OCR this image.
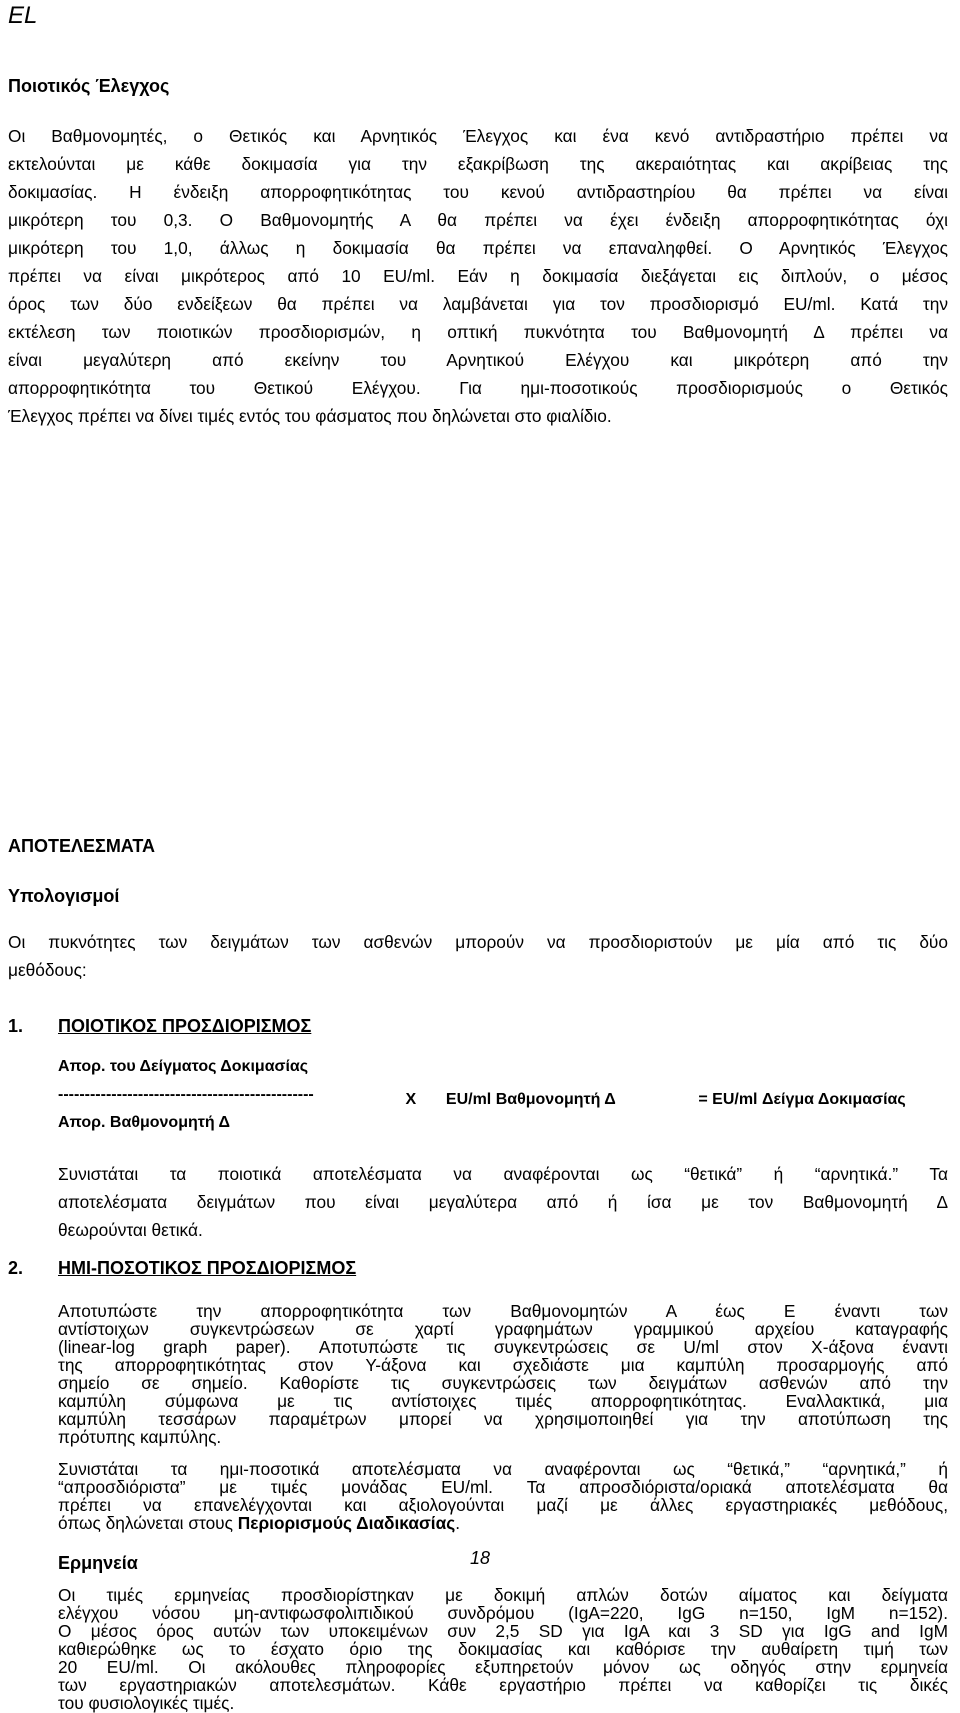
EL
Ποιοτικός Έλεγχος
Οι Βαθμονομητές, ο Θετικός και Αρνητικός Έλεγχος και ένα κενό αντιδραστήριο πρέπει να
εκτελούνται με κάθε δοκιμασία για την εξακρίβωση της ακεραιότητας και ακρίβειας της
δοκιμασίας. Η ένδειξη απορροφητικότητας του κενού αντιδραστηρίου θα πρέπει να είναι
μικρότερη του 0,3. Ο Βαθμονομητής Α θα πρέπει να έχει ένδειξη απορροφητικότητας όχι
μικρότερη του 1,0, άλλως η δοκιμασία θα πρέπει να επαναληφθεί. Ο Αρνητικός Έλεγχος
πρέπει να είναι μικρότερος από 10 EU/ml. Εάν η δοκιμασία διεξάγεται εις διπλούν, ο μέσος
όρος των δύο ενδείξεων θα πρέπει να λαμβάνεται για τον προσδιορισμό EU/ml. Κατά την
εκτέλεση των ποιοτικών προσδιορισμών, η οπτική πυκνότητα του Βαθμονομητή Δ πρέπει να
είναι μεγαλύτερη από εκείνην του Αρνητικού Ελέγχου και μικρότερη από την
απορροφητικότητα του Θετικού Ελέγχου. Για ημι-ποσοτικούς προσδιορισμούς ο Θετικός
Έλεγχος πρέπει να δίνει τιμές εντός του φάσματος που δηλώνεται στο φιαλίδιο.
ΑΠΟΤΕΛΕΣΜΑΤΑ
Υπολογισμοί
Οι πυκνότητες των δειγμάτων των ασθενών μπορούν να προσδιοριστούν με μία από τις δύο
μεθόδους:
1. ΠΟΙΟΤΙΚΟΣ ΠΡΟΣΔΙΟΡΙΣΜΟΣ
Απορ. του Δείγματος Δοκιμασίας
------------------------------------------------	X EU/ml Βαθμονομητή Δ	= EU/ml Δείγμα Δοκιμασίας
Απορ. Βαθμονομητή Δ
Συνιστάται τα ποιοτικά αποτελέσματα να αναφέρονται ως “θετικά” ή “αρνητικά.” Τα
αποτελέσματα δειγμάτων που είναι μεγαλύτερα από ή ίσα με τον Βαθμονομητή Δ
θεωρούνται θετικά.
2. ΗΜΙ-ΠΟΣΟΤΙΚΟΣ ΠΡΟΣΔΙΟΡΙΣΜΟΣ
Αποτυπώστε την απορροφητικότητα των Βαθμονομητών Α έως Ε έναντι των
αντίστοιχων συγκεντρώσεων σε χαρτί γραφημάτων γραμμικού αρχείου καταγραφής
(linear-log graph paper). Αποτυπώστε τις συγκεντρώσεις σε U/ml στον X-άξονα έναντι
της απορροφητικότητας στον Y-άξονα και σχεδιάστε μια καμπύλη προσαρμογής από
σημείο σε σημείο. Καθορίστε τις συγκεντρώσεις των δειγμάτων ασθενών από την
καμπύλη σύμφωνα με τις αντίστοιχες τιμές απορροφητικότητας. Εναλλακτικά, μια
καμπύλη τεσσάρων παραμέτρων μπορεί να χρησιμοποιηθεί για την αποτύπωση της
πρότυπης καμπύλης.
Συνιστάται τα ημι-ποσοτικά αποτελέσματα να αναφέρονται ως “θετικά,” “αρνητικά,” ή
“απροσδιόριστα” με τιμές μονάδας EU/ml. Τα απροσδιόριστα/οριακά αποτελέσματα θα
πρέπει να επανελέγχονται και αξιολογούνται μαζί με άλλες εργαστηριακές μεθόδους,
όπως δηλώνεται στους Περιορισμούς Διαδικασίας.
Ερμηνεία
Οι τιμές ερμηνείας προσδιορίστηκαν με δοκιμή απλών δοτών αίματος και δείγματα
ελέγχου νόσου μη-αντιφωσφολιπιδικού συνδρόμου (IgA=220, IgG n=150, IgM n=152).
Ο μέσος όρος αυτών των υποκειμένων συν 2,5 SD για IgA και 3 SD για IgG and IgM
καθιερώθηκε ως το έσχατο όριο της δοκιμασίας και καθόρισε την αυθαίρετη τιμή των
20 EU/ml. Οι ακόλουθες πληροφορίες εξυπηρετούν μόνον ως οδηγός στην ερμηνεία
των εργαστηριακών αποτελεσμάτων. Κάθε εργαστήριο πρέπει να καθορίζει τις δικές
του φυσιολογικές τιμές.
18
